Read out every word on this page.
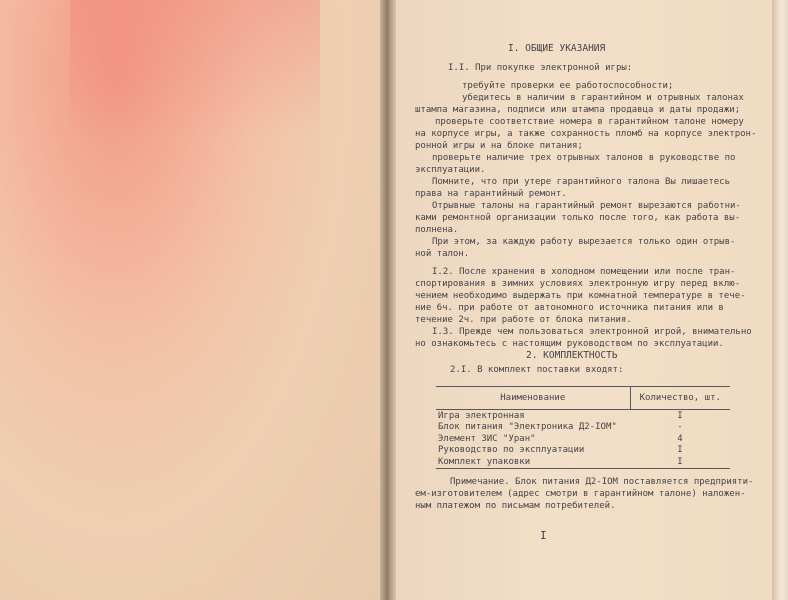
I. ОБЩИЕ УКАЗАНИЯ
I.I. При покупке электронной игры:
требуйте проверки ее работоспособности;
убедитесь в наличии в гарантийном и отрывных талонах
штампа магазина, подписи или штампа продавца и даты продажи;
проверьте соответствие номера в гарантийном талоне номеру
на корпусе игры, а также сохранность пломб на корпусе электрон-
ронной игры и на блоке питания;
проверьте наличие трех отрывных талонов в руководстве по
эксплуатации.
Помните, что при утере гарантийного талона Вы лишаетесь
права на гарантийный ремонт.
Отрывные талоны на гарантийный ремонт вырезаются работни-
ками ремонтной организации только после того, как работа вы-
полнена.
При этом, за каждую работу вырезается только один отрыв-
ной талон.
I.2. После хранения в холодном помещении или после тран-
спортирования в зимних условиях электронную игру перед вклю-
чением необходимо выдержать при комнатной температуре в тече-
ние 6ч. при работе от автономного источника питания или в
течение 2ч. при работе от блока питания.
I.3. Прежде чем пользоваться электронной игрой, внимательно
но ознакомьтесь с настоящим руководством по эксплуатации.
2. КОМПЛЕКТНОСТЬ
2.I. В комплект поставки входят:
Наименование	Количество, шт.
Игра электронная	I
Блок питания "Электроника Д2-IОМ"	-
Элемент ЗИС "Уран"	4
Руководство по эксплуатации	I
Комплект упаковки	I
Примечание. Блок питания Д2-IОМ поставляется предприяти-
ем-изготовителем (адрес смотри в гарантийном талоне) наложен-
ным платежом по письмам потребителей.
I
